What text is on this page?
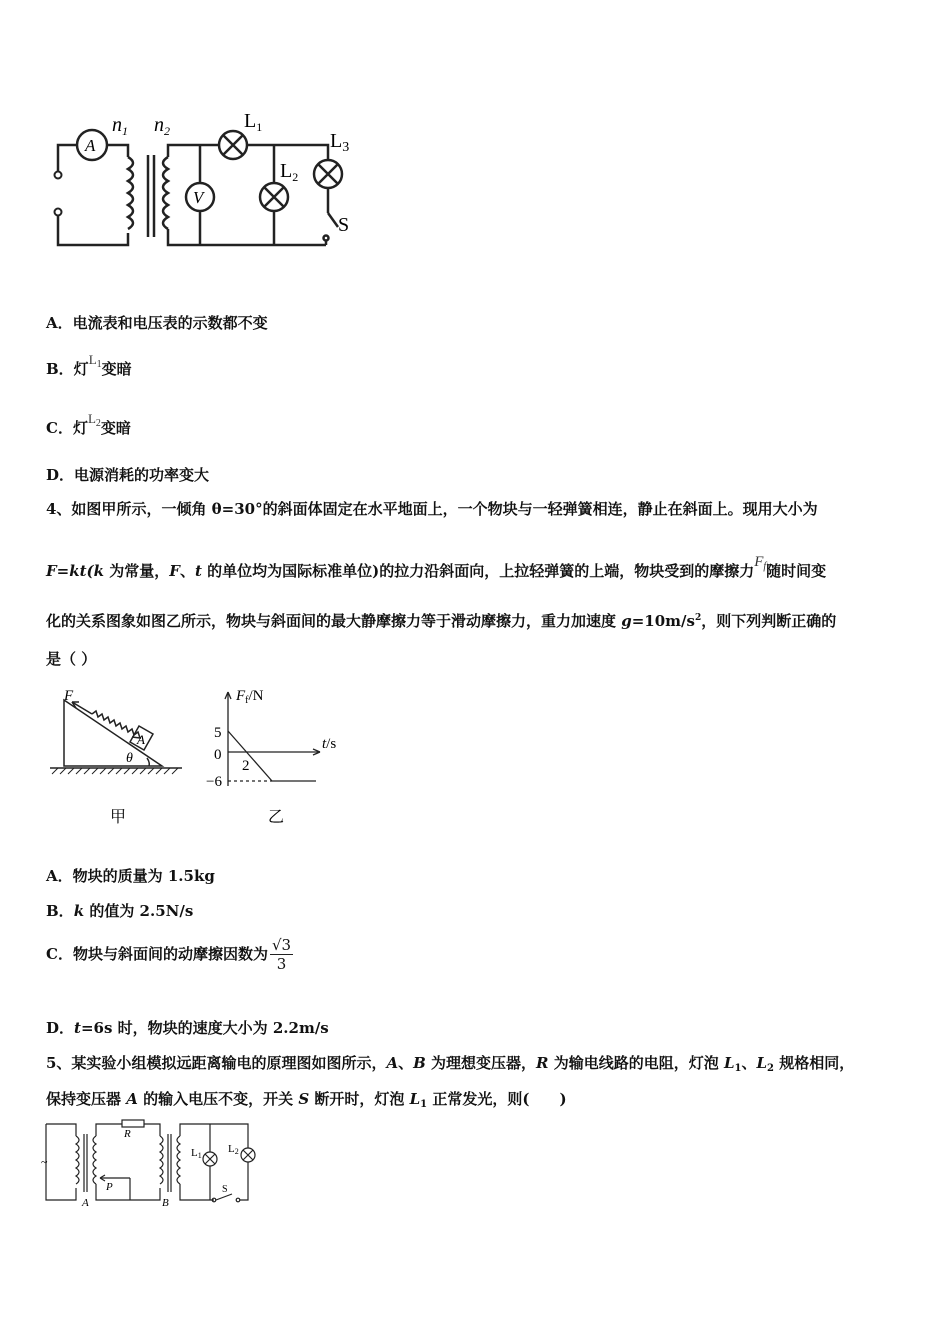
A
V
$n_1$ $n_2$	$L_1$
$L_2$
$L_3$
S
A．电流表和电压表的示数都不变
B．灯$L_1$变暗
C．灯$L_2$变暗
D．电源消耗的功率变大
4、如图甲所示，一倾角 θ=30°的斜面体固定在水平地面上，一个物块与一轻弹簧相连，静止在斜面上。现用大小为
F=kt(k 为常量，F、t 的单位均为国际标准单位)的拉力沿斜面向，上拉轻弹簧的上端，物块受到的摩擦力$F_f$随时间变
化的关系图象如图乙所示，物块与斜面间的最大静摩擦力等于滑动摩擦力，重力加速度 $g=10m/s^2$，则下列判断正确的
是（ ）
F
A
θ
甲
$F_f/N$
t/s
5
0
−6
2
乙
A．物块的质量为 1.5kg
B．k 的值为 2.5N/s
C．物块与斜面间的动摩擦因数为 $\frac{√3}{3}$
D．t=6s 时，物块的速度大小为 2.2m/s
5、某实验小组模拟远距离输电的原理图如图所示，A、B 为理想变压器，R 为输电线路的电阻，灯泡 $L_1$、$L_2$ 规格相同，
保持变压器 A 的输入电压不变，开关 S 断开时，灯泡 $L_1$ 正常发光，则(　　)
~
R
P
A	B
L1
L2
S
